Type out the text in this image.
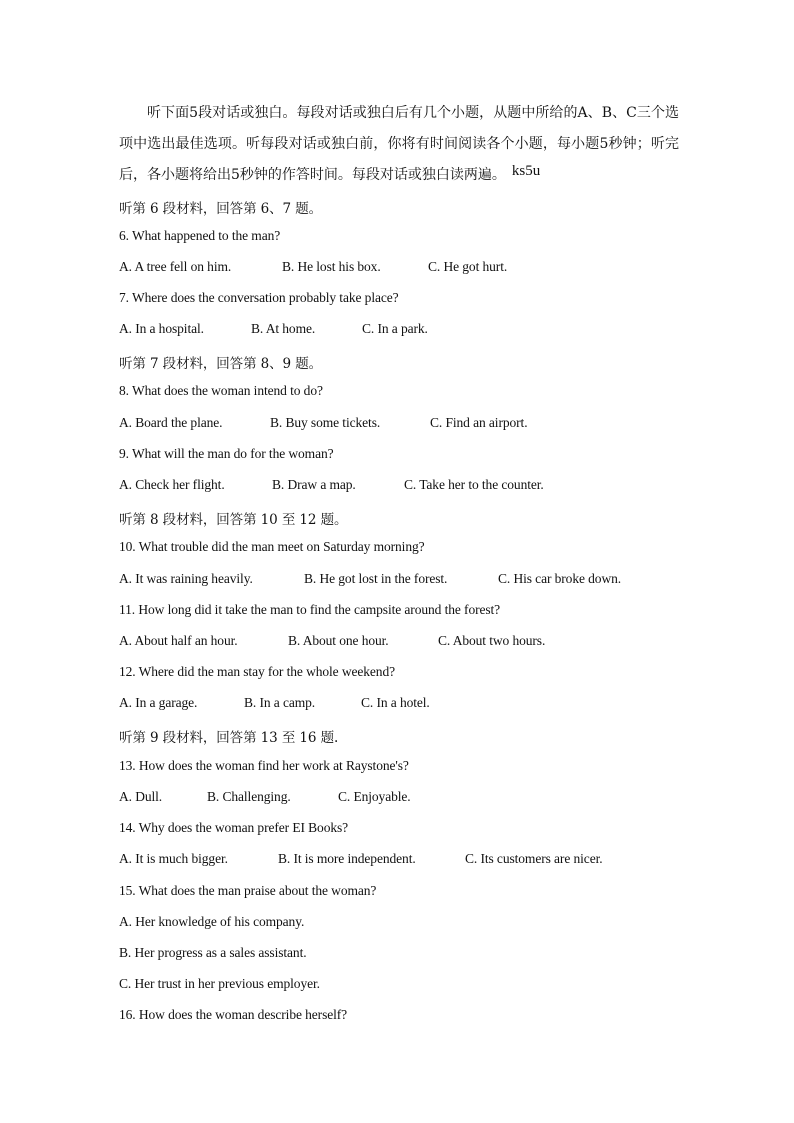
听下面5段对话或独白。每段对话或独白后有几个小题，从题中所给的A、B、C三个选项中选出最佳选项。听每段对话或独白前，你将有时间阅读各个小题，每小题5秒钟；听完后，各小题将给出5秒钟的作答时间。每段对话或独白读两遍。 ks5u
听第 6 段材料，回答第 6、7 题。
6. What happened to the man?
A. A tree fell on him.	B. He lost his box.	C. He got hurt.
7. Where does the conversation probably take place?
A. In a hospital.	B. At home.	C. In a park.
听第 7 段材料，回答第 8、9 题。
8. What does the woman intend to do?
A. Board the plane.	B. Buy some tickets.	C. Find an airport.
9. What will the man do for the woman?
A. Check her flight.	B. Draw a map.	C. Take her to the counter.
听第 8 段材料，回答第 10 至 12 题。
10. What trouble did the man meet on Saturday morning?
A. It was raining heavily.	B. He got lost in the forest.	C. His car broke down.
11. How long did it take the man to find the campsite around the forest?
A. About half an hour.	B. About one hour.	C. About two hours.
12. Where did the man stay for the whole weekend?
A. In a garage.	B. In a camp.	C. In a hotel.
听第 9 段材料，回答第 13 至 16 题.
13. How does the woman find her work at Raystone's?
A. Dull.	B. Challenging.	C. Enjoyable.
14. Why does the woman prefer EI Books?
A. It is much bigger.	B. It is more independent.	C. Its customers are nicer.
15. What does the man praise about the woman?
A. Her knowledge of his company.
B. Her progress as a sales assistant.
C. Her trust in her previous employer.
16. How does the woman describe herself?
